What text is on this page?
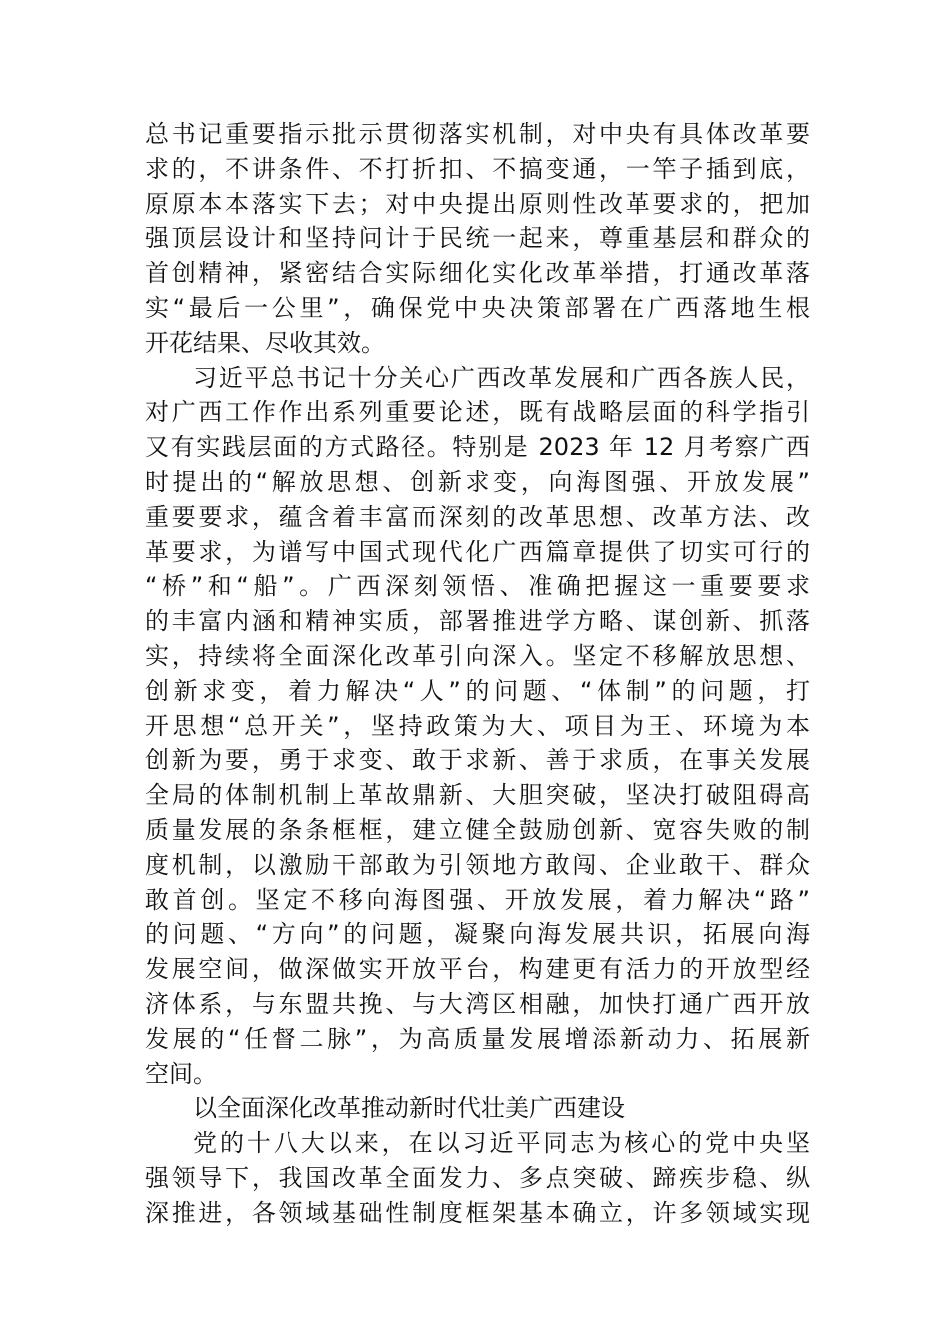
总书记重要指示批示贯彻落实机制，对中央有具体改革要
求的，不讲条件、不打折扣、不搞变通，一竿子插到底，
原原本本落实下去；对中央提出原则性改革要求的，把加
强顶层设计和坚持问计于民统一起来，尊重基层和群众的
首创精神，紧密结合实际细化实化改革举措，打通改革落
实“最后一公里”，确保党中央决策部署在广西落地生根
开花结果、尽收其效。
习近平总书记十分关心广西改革发展和广西各族人民，
对广西工作作出系列重要论述，既有战略层面的科学指引
又有实践层面的方式路径。特别是 2023 年 12 月考察广西
时提出的“解放思想、创新求变，向海图强、开放发展”
重要要求，蕴含着丰富而深刻的改革思想、改革方法、改
革要求，为谱写中国式现代化广西篇章提供了切实可行的
“桥”和“船”。广西深刻领悟、准确把握这一重要要求
的丰富内涵和精神实质，部署推进学方略、谋创新、抓落
实，持续将全面深化改革引向深入。坚定不移解放思想、
创新求变，着力解决“人”的问题、“体制”的问题，打
开思想“总开关”，坚持政策为大、项目为王、环境为本
创新为要，勇于求变、敢于求新、善于求质，在事关发展
全局的体制机制上革故鼎新、大胆突破，坚决打破阻碍高
质量发展的条条框框，建立健全鼓励创新、宽容失败的制
度机制，以激励干部敢为引领地方敢闯、企业敢干、群众
敢首创。坚定不移向海图强、开放发展，着力解决“路”
的问题、“方向”的问题，凝聚向海发展共识，拓展向海
发展空间，做深做实开放平台，构建更有活力的开放型经
济体系，与东盟共挽、与大湾区相融，加快打通广西开放
发展的“任督二脉”，为高质量发展增添新动力、拓展新
空间。
以全面深化改革推动新时代壮美广西建设
党的十八大以来，在以习近平同志为核心的党中央坚
强领导下，我国改革全面发力、多点突破、蹄疾步稳、纵
深推进，各领域基础性制度框架基本确立，许多领域实现
